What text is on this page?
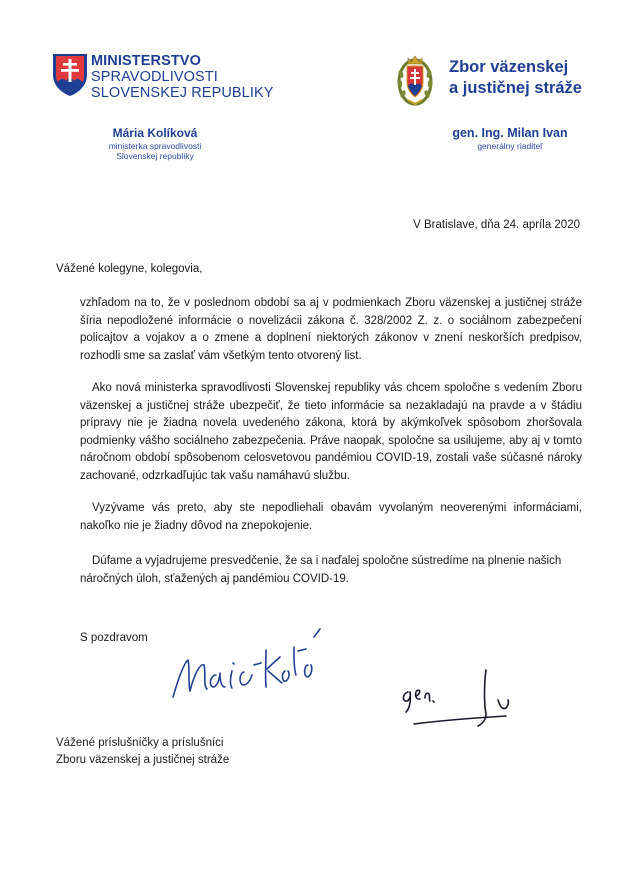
MINISTERSTVO
SPRAVODLIVOSTI
SLOVENSKEJ REPUBLIKY
Mária Kolíková
ministerka spravodlivosti
Slovenskej republiky
Zbor väzenskej
a justičnej stráže
gen. Ing. Milan Ivan
generálny riaditeľ
V Bratislave, dňa 24. apríla 2020
Vážené kolegyne, kolegovia,

vzhľadom na to, že v poslednom období sa aj v podmienkach Zboru väzenskej a justičnej stráže šíria nepodložené informácie o novelizácii zákona č. 328/2002 Z. z. o sociálnom zabezpečení policajtov a vojakov a o zmene a doplnení niektorých zákonov v znení neskorších predpisov, rozhodli sme sa zaslať vám všetkým tento otvorený list.

Ako nová ministerka spravodlivosti Slovenskej republiky vás chcem spoločne s vedením Zboru väzenskej a justičnej stráže ubezpečiť, že tieto informácie sa nezakladajú na pravde a v štádiu prípravy nie je žiadna novela uvedeného zákona, ktorá by akýmkoľvek spôsobom zhoršovala podmienky vášho sociálneho zabezpečenia. Práve naopak, spoločne sa usilujeme, aby aj v tomto náročnom období spôsobenom celosvetovou pandémiou COVID-19, zostali vaše súčasné nároky zachované, odzrkadľujúc tak vašu namáhavú službu.

Vyzývame vás preto, aby ste nepodliehali obavám vyvolaným neoverenými informáciami, nakoľko nie je žiadny dôvod na znepokojenie.

Dúfame a vyjadrujeme presvedčenie, že sa i naďalej spoločne sústredíme na plnenie našich náročných úloh, sťažených aj pandémiou COVID-19.

S pozdravom
Vážené príslušníčky a príslušníci
Zboru väzenskej a justičnej stráže
